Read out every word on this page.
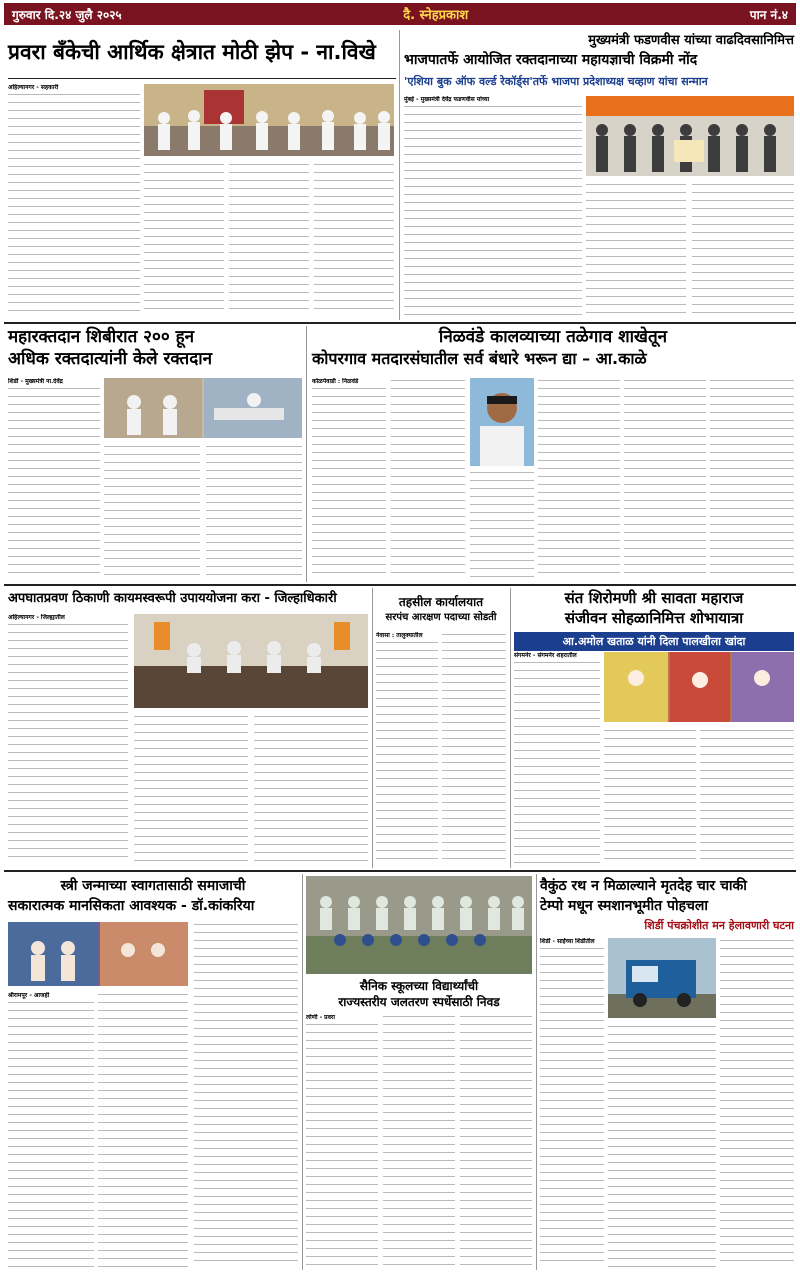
गुरुवार दि.२४ जुलै २०२५	दै. स्नेहप्रकाश	पान नं.४
प्रवरा बँकेची आर्थिक क्षेत्रात मोठी झेप - ना.विखे
अहिल्यानगर - सहकारी
मुख्यमंत्री फडणवीस यांच्या वाढदिवसानिमित्त
भाजपातर्फे आयोजित रक्तदानाच्या महायज्ञाची विक्रमी नोंद
'एशिया बुक ऑफ वर्ल्ड रेकॉर्ड्स'तर्फे भाजपा प्रदेशाध्यक्ष चव्हाण यांचा सन्मान
मुंबई - मुख्यमंत्री देवेंद्र फडणवीस यांच्या
महारक्तदान शिबीरात २०० हून
अधिक रक्तदात्यांनी केले रक्तदान
शिर्डी - मुख्यमंत्री ना.देवेंद्र
निळवंडे कालव्याच्या तळेगाव शाखेतून
कोपरगाव मतदारसंघातील सर्व बंधारे भरून द्या – आ.काळे
कोळपेवाडी : निळवंडे
अपघातप्रवण ठिकाणी कायमस्वरूपी उपाययोजना करा - जिल्हाधिकारी
अहिल्यानगर - जिल्ह्यातील
तहसील कार्यालयात
सरपंच आरक्षण पदाच्या सोडती
नेवासा : तालुक्यातील
संत शिरोमणी श्री सावता महाराज
संजीवन सोहळानिमित्त शोभायात्रा
आ.अमोल खताळ यांनी दिला पालखीला खांदा
संगमनेर - संगमनेर शहरातील
स्त्री जन्माच्या स्वागतासाठी समाजाची
सकारात्मक मानसिकता आवश्यक - डॉ.कांकरिया
श्रीरामपूर - आजही
सैनिक स्कूलच्या विद्यार्थ्यांची
राज्यस्तरीय जलतरण स्पर्धेसाठी निवड
लोणी - प्रवरा
वैकुंठ रथ न मिळाल्याने मृतदेह चार चाकी
टेम्पो मधून स्मशानभूमीत पोहचला
शिर्डी पंचक्रोशीत मन हेलावणारी घटना
शिर्डी - साईंच्या शिर्डीतील
